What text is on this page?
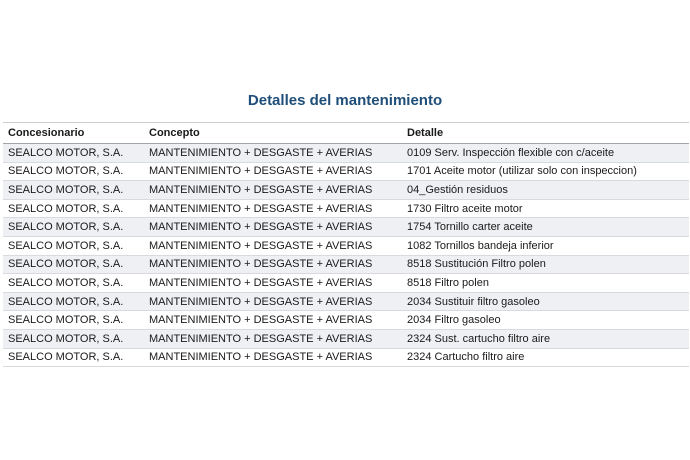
Detalles del mantenimiento
Concesionario	Concepto	Detalle
SEALCO MOTOR, S.A.	MANTENIMIENTO + DESGASTE + AVERIAS	0109 Serv. Inspección flexible con c/aceite
SEALCO MOTOR, S.A.	MANTENIMIENTO + DESGASTE + AVERIAS	1701 Aceite motor (utilizar solo con inspeccion)
SEALCO MOTOR, S.A.	MANTENIMIENTO + DESGASTE + AVERIAS	04_Gestión residuos
SEALCO MOTOR, S.A.	MANTENIMIENTO + DESGASTE + AVERIAS	1730 Filtro aceite motor
SEALCO MOTOR, S.A.	MANTENIMIENTO + DESGASTE + AVERIAS	1754 Tornillo carter aceite
SEALCO MOTOR, S.A.	MANTENIMIENTO + DESGASTE + AVERIAS	1082 Tornillos bandeja inferior
SEALCO MOTOR, S.A.	MANTENIMIENTO + DESGASTE + AVERIAS	8518 Sustitución Filtro polen
SEALCO MOTOR, S.A.	MANTENIMIENTO + DESGASTE + AVERIAS	8518 Filtro polen
SEALCO MOTOR, S.A.	MANTENIMIENTO + DESGASTE + AVERIAS	2034 Sustituir filtro gasoleo
SEALCO MOTOR, S.A.	MANTENIMIENTO + DESGASTE + AVERIAS	2034 Filtro gasoleo
SEALCO MOTOR, S.A.	MANTENIMIENTO + DESGASTE + AVERIAS	2324 Sust. cartucho filtro aire
SEALCO MOTOR, S.A.	MANTENIMIENTO + DESGASTE + AVERIAS	2324 Cartucho filtro aire
